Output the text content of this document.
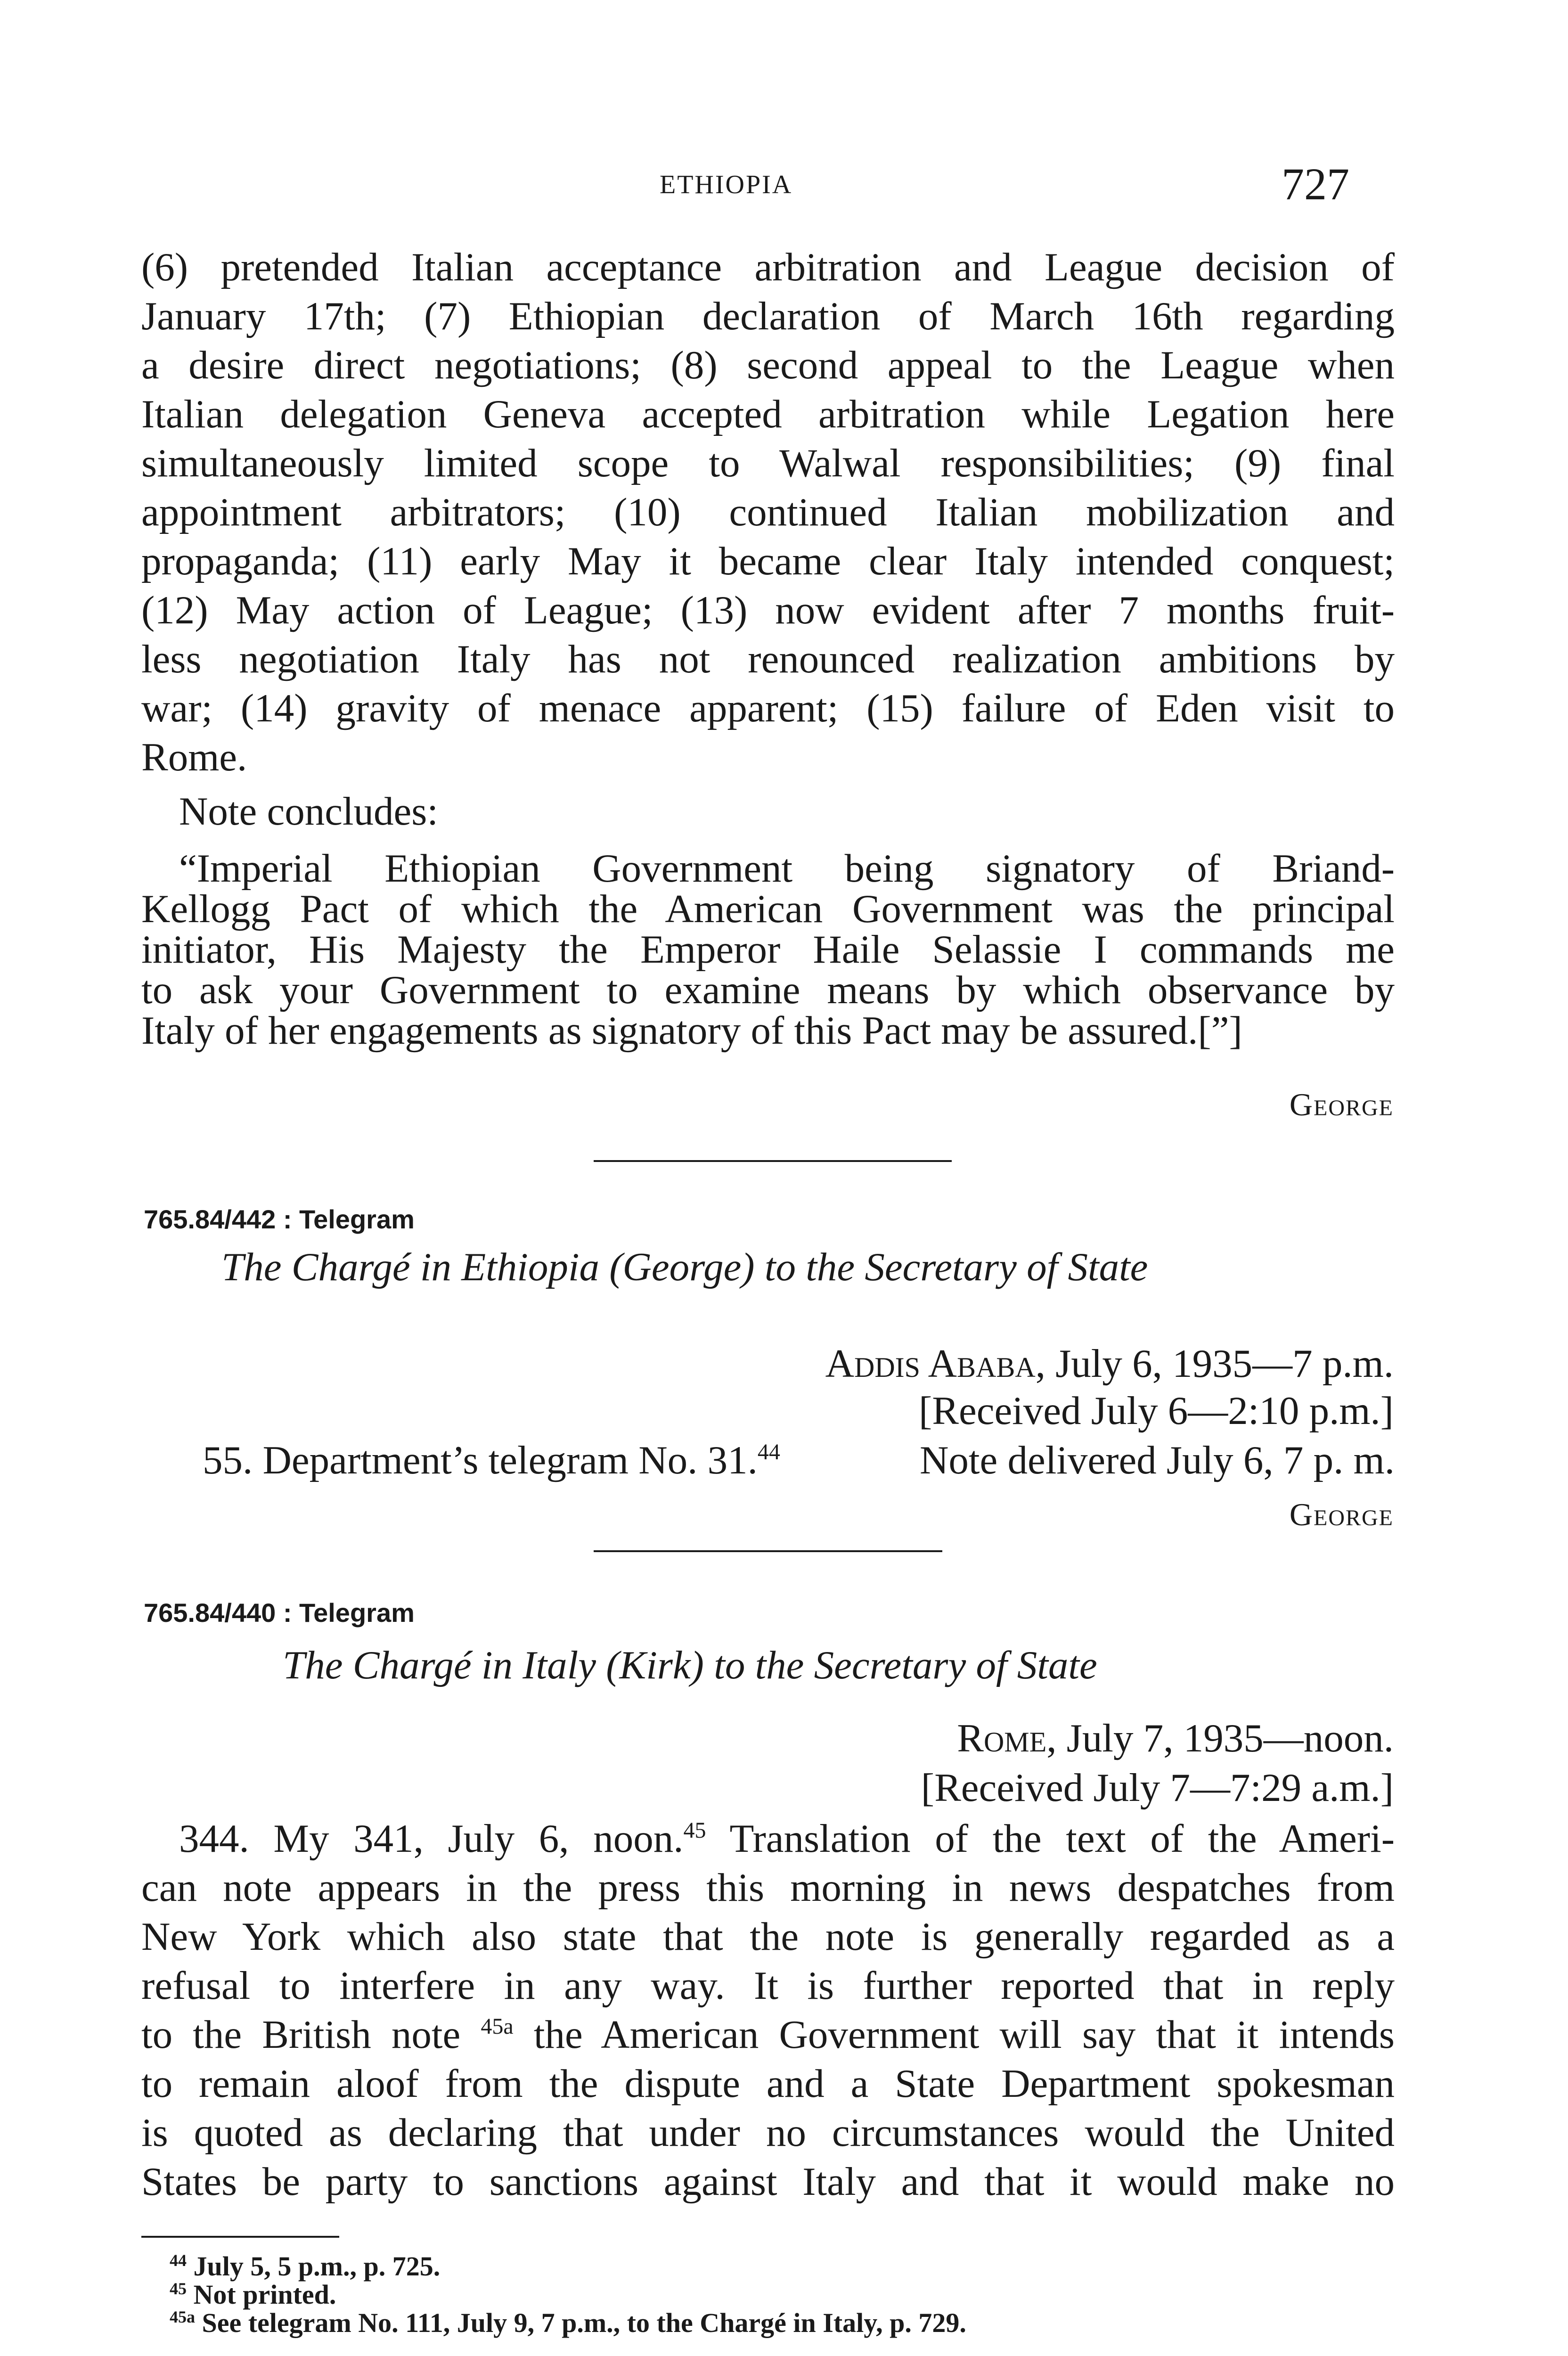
ETHIOPIA	727

(6) pretended Italian acceptance arbitration and League decision of
January 17th; (7) Ethiopian declaration of March 16th regarding
a desire direct negotiations; (8) second appeal to the League when
Italian delegation Geneva accepted arbitration while Legation here
simultaneously limited scope to Walwal responsibilities; (9) final
appointment arbitrators; (10) continued Italian mobilization and
propaganda; (11) early May it became clear Italy intended conquest;
(12) May action of League; (13) now evident after 7 months fruit-
less negotiation Italy has not renounced realization ambitions by
war; (14) gravity of menace apparent; (15) failure of Eden visit to
Rome.

Note concludes:
“Imperial Ethiopian Government being signatory of Briand-
Kellogg Pact of which the American Government was the principal
initiator, His Majesty the Emperor Haile Selassie I commands me
to ask your Government to examine means by which observance by
Italy of her engagements as signatory of this Pact may be assured.[”]
George
765.84/442 : Telegram
The Chargé in Ethiopia (George) to the Secretary of State
Addis Ababa, July 6, 1935—7 p.m.
[Received July 6—2:10 p.m.]
55. Department’s telegram No. 31.44	Note delivered July 6, 7 p. m.
George
765.84/440 : Telegram
The Chargé in Italy (Kirk) to the Secretary of State
Rome, July 7, 1935—noon.
[Received July 7—7:29 a.m.]

344. My 341, July 6, noon.$^{45}$ Translation of the text of the Ameri-
can note appears in the press this morning in news despatches from
New York which also state that the note is generally regarded as a
refusal to interfere in any way. It is further reported that in reply
to the British note $^{45a}$ the American Government will say that it intends
to remain aloof from the dispute and a State Department spokesman
is quoted as declaring that under no circumstances would the United
States be party to sanctions against Italy and that it would make no

$^{44}$ July 5, 5 p.m., p. 725.
$^{45}$ Not printed.
$^{45a}$ See telegram No. 111, July 9, 7 p.m., to the Chargé in Italy, p. 729.
